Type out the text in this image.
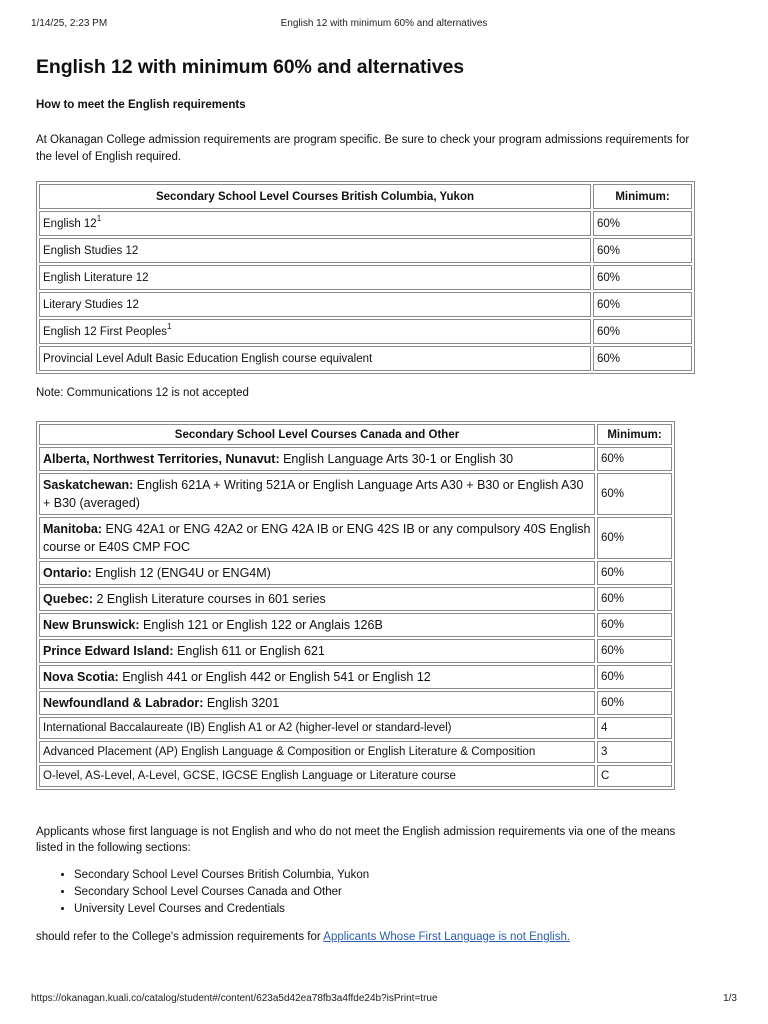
1/14/25, 2:23 PM	English 12 with minimum 60% and alternatives
English 12 with minimum 60% and alternatives
How to meet the English requirements
At Okanagan College admission requirements are program specific. Be sure to check your program admissions requirements for the level of English required.
Secondary School Level Courses British Columbia, Yukon	Minimum:
English $12^1$	60%
English Studies 12	60%
English Literature 12	60%
Literary Studies 12	60%
English 12 First Peoples$^1$	60%
Provincial Level Adult Basic Education English course equivalent	60%
Note: Communications 12 is not accepted
Secondary School Level Courses Canada and Other	Minimum:
Alberta, Northwest Territories, Nunavut: English Language Arts 30-1 or English 30	60%
Saskatchewan: English 621A + Writing 521A or English Language Arts A30 + B30 or English A30 + B30 (averaged)	60%
Manitoba: ENG 42A1 or ENG 42A2 or ENG 42A IB or ENG 42S IB or any compulsory 40S English course or E40S CMP FOC	60%
Ontario: English 12 (ENG4U or ENG4M)	60%
Quebec: 2 English Literature courses in 601 series	60%
New Brunswick: English 121 or English 122 or Anglais 126B	60%
Prince Edward Island: English 611 or English 621	60%
Nova Scotia: English 441 or English 442 or English 541 or English 12	60%
Newfoundland & Labrador: English 3201	60%
International Baccalaureate (IB) English A1 or A2 (higher-level or standard-level)	4
Advanced Placement (AP) English Language & Composition or English Literature & Composition	3
O-level, AS-Level, A-Level, GCSE, IGCSE English Language or Literature course	C
Applicants whose first language is not English and who do not meet the English admission requirements via one of the means listed in the following sections:
• Secondary School Level Courses British Columbia, Yukon
• Secondary School Level Courses Canada and Other
• University Level Courses and Credentials
should refer to the College's admission requirements for Applicants Whose First Language is not English.
https://okanagan.kuali.co/catalog/student#/content/623a5d42ea78fb3a4ffde24b?isPrint=true	1/3
